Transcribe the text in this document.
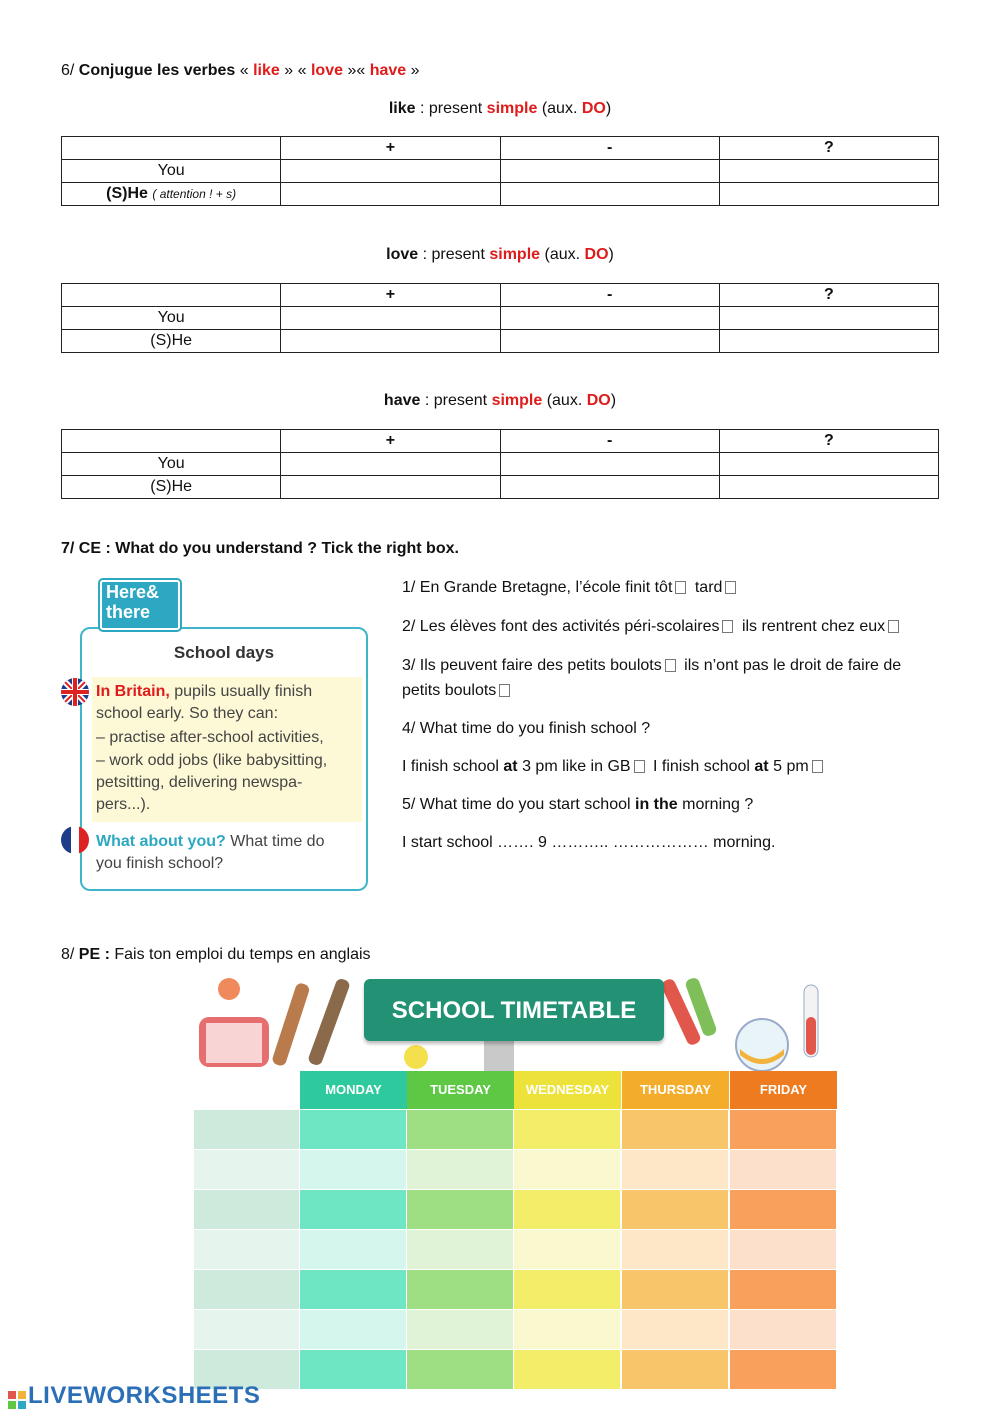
6/ Conjugue les verbes « like » « love »« have »
like : present simple (aux. DO)
	+	-	?
You			
(S)He ( attention ! + s)			
love : present simple (aux. DO)
	+	-	?
You			
(S)He			
have : present simple (aux. DO)
	+	-	?
You			
(S)He			
7/ CE : What do you understand ? Tick the right box.
Here&
there
School days
In Britain, pupils usually finish
school early. So they can:
– practise after-school activities,
– work odd jobs (like babysitting,
petsitting, delivering newspa-
pers...).
What about you? What time do
you finish school?
1/ En Grande Bretagne, l’école finit tôt tard
2/ Les élèves font des activités péri-scolaires ils rentrent chez eux
3/ Ils peuvent faire des petits boulots ils n’ont pas le droit de faire de
petits boulots
4/ What time do you finish school ?
I finish school at 3 pm like in GB I finish school at 5 pm
5/ What time do you start school in the morning ?
I start school ……. 9 ……….. ……………… morning.
8/ PE : Fais ton emploi du temps en anglais
SCHOOL TIMETABLE
MONDAY	TUESDAY	WEDNESDAY	THURSDAY	FRIDAY
LIVEWORKSHEETS
